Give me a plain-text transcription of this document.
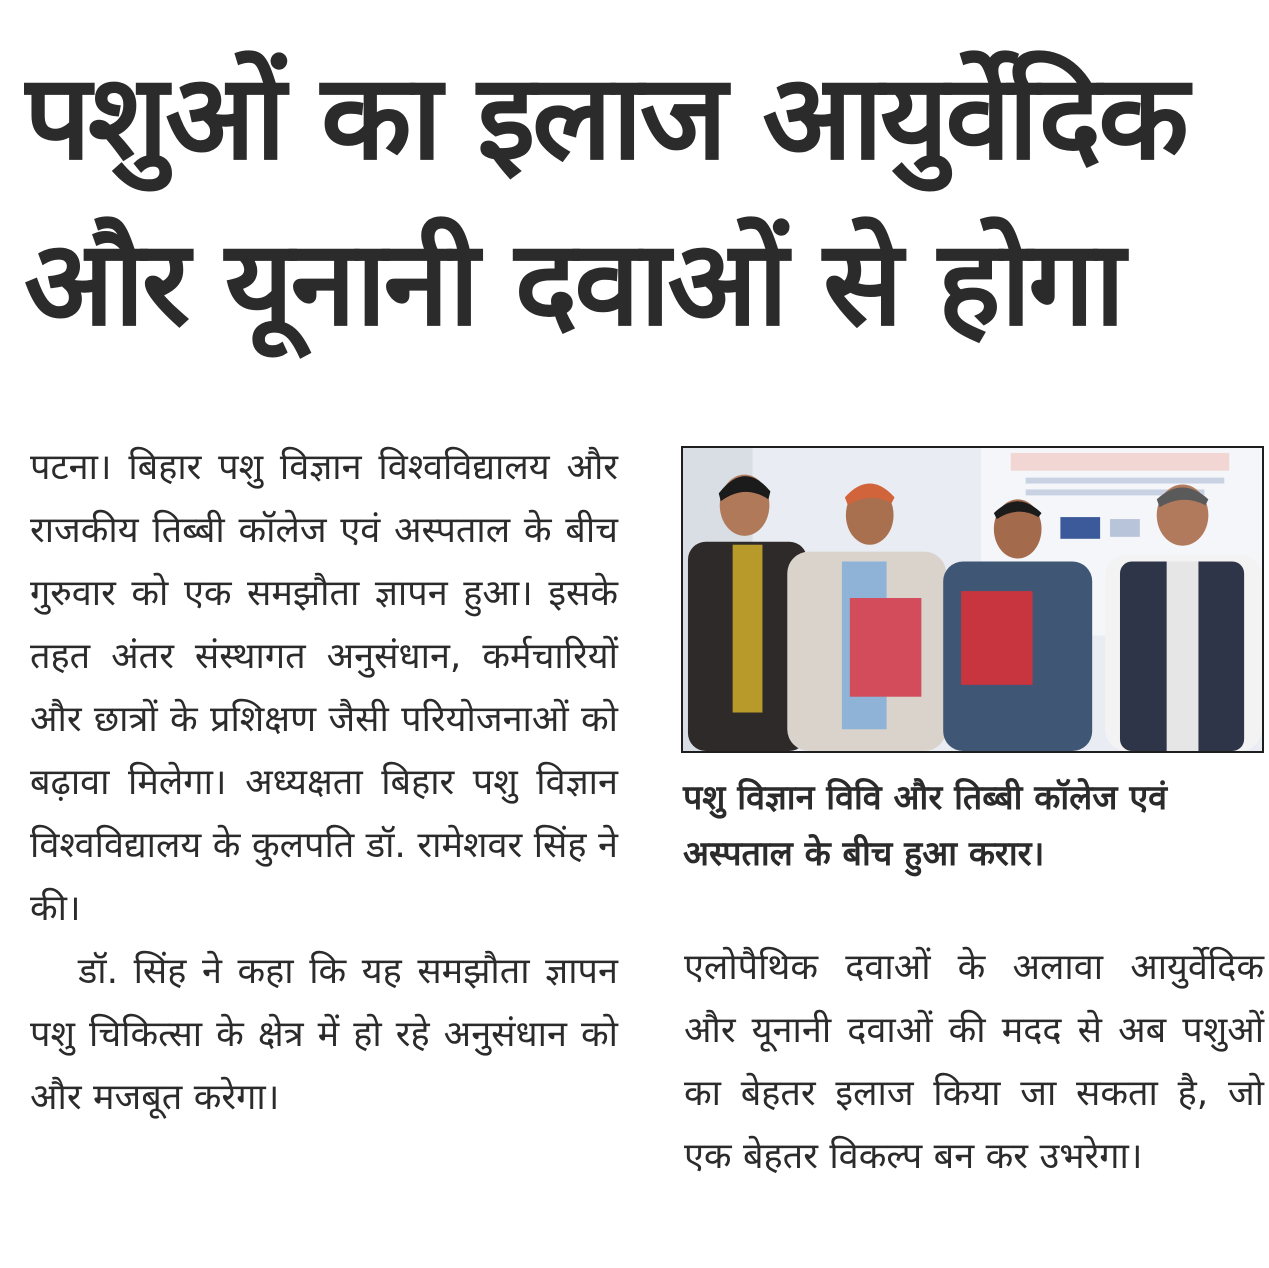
पशुओं का इलाज आयुर्वेदिक
और यूनानी दवाओं से होगा

पटना। बिहार पशु विज्ञान विश्वविद्यालय और राजकीय तिब्बी कॉलेज एवं अस्पताल के बीच गुरुवार को एक समझौता ज्ञापन हुआ। इसके तहत अंतर संस्थागत अनुसंधान, कर्मचारियों और छात्रों के प्रशिक्षण जैसी परियोजनाओं को बढ़ावा मिलेगा। अध्यक्षता बिहार पशु विज्ञान विश्वविद्यालय के कुलपति डॉ. रामेशवर सिंह ने की।

डॉ. सिंह ने कहा कि यह समझौता ज्ञापन पशु चिकित्सा के क्षेत्र में हो रहे अनुसंधान को और मजबूत करेगा।

पशु विज्ञान विवि और तिब्बी कॉलेज एवं अस्पताल के बीच हुआ करार।

एलोपैथिक दवाओं के अलावा आयुर्वेदिक और यूनानी दवाओं की मदद से अब पशुओं का बेहतर इलाज किया जा सकता है, जो एक बेहतर विकल्प बन कर उभरेगा।
